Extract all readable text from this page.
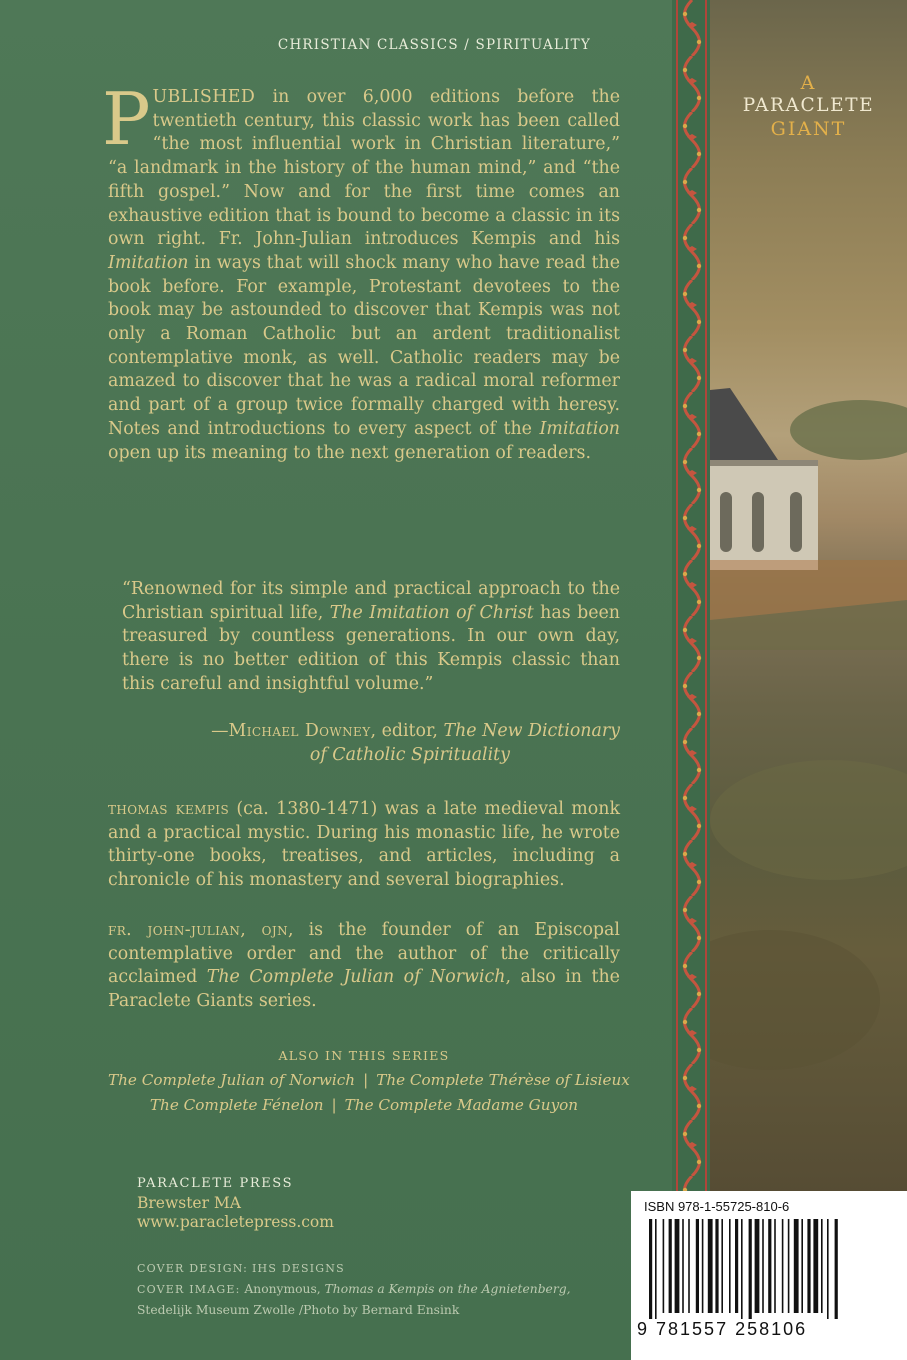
CHRISTIAN CLASSICS / SPIRITUALITY
PUBLISHED in over 6,000 editions before the twentieth century, this classic work has been called “the most influential work in Christian literature,” “a landmark in the history of the human mind,” and “the fifth gospel.” Now and for the first time comes an exhaustive edition that is bound to become a classic in its own right. Fr. John-Julian introduces Kempis and his Imitation in ways that will shock many who have read the book before. For example, Protestant devotees to the book may be astounded to discover that Kempis was not only a Roman Catholic but an ardent traditionalist contemplative monk, as well. Catholic readers may be amazed to discover that he was a radical moral reformer and part of a group twice formally charged with heresy. Notes and introductions to every aspect of the Imitation open up its meaning to the next generation of readers.
“Renowned for its simple and practical approach to the Christian spiritual life, The Imitation of Christ has been treasured by countless generations. In our own day, there is no better edition of this Kempis classic than this careful and insightful volume.”
—Michael Downey, editor, The New Dictionary
of Catholic Spirituality
thomas kempis (ca. 1380-1471) was a late medieval monk and a practical mystic. During his monastic life, he wrote thirty-one books, treatises, and articles, including a chronicle of his monastery and several biographies.
fr. john-julian, ojn, is the founder of an Episcopal contemplative order and the author of the critically acclaimed The Complete Julian of Norwich, also in the Paraclete Giants series.
ALSO IN THIS SERIES
The Complete Julian of Norwich | The Complete Thérèse of Lisieux
The Complete Fénelon | The Complete Madame Guyon
PARACLETE PRESS
Brewster MA
www.paracletepress.com
COVER DESIGN: IHS DESIGNS
COVER IMAGE: Anonymous, Thomas a Kempis on the Agnietenberg,
Stedelijk Museum Zwolle /Photo by Bernard Ensink
A
PARACLETE
GIANT
ISBN 978-1-55725-810-6
9 781557 258106
